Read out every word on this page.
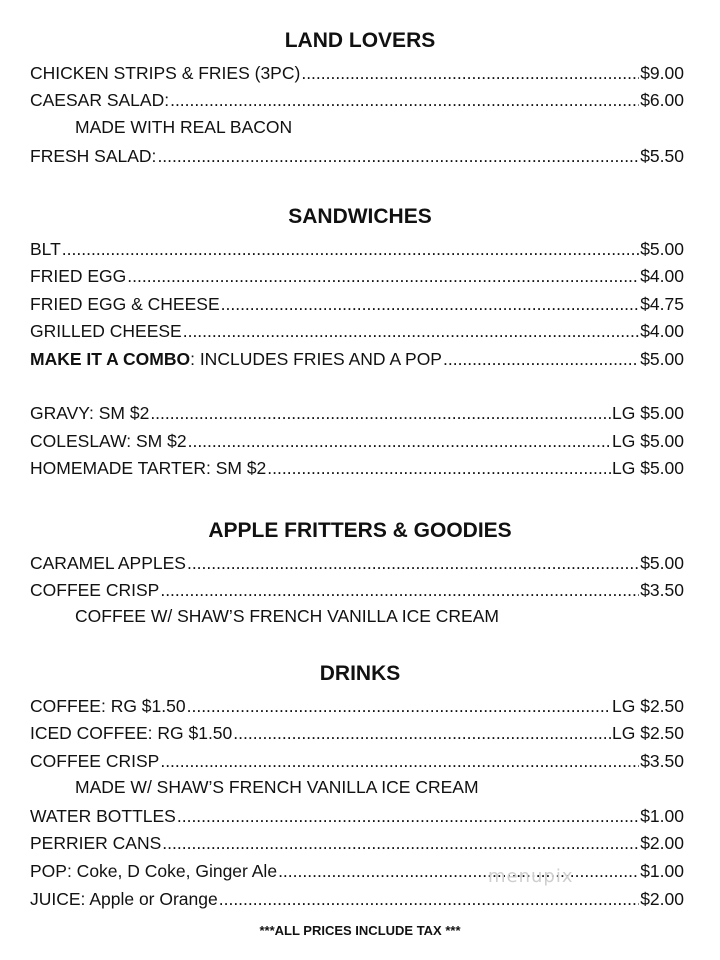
LAND LOVERS
CHICKEN STRIPS & FRIES (3PC) .....	$9.00
CAESAR SALAD: .....	$6.00
MADE WITH REAL BACON
FRESH SALAD: .....	$5.50
SANDWICHES
BLT .....	$5.00
FRIED EGG .....	$4.00
FRIED EGG & CHEESE .....	$4.75
GRILLED CHEESE .....	$4.00
MAKE IT A COMBO: INCLUDES FRIES AND A POP .....	$5.00
GRAVY: SM $2 .....	LG $5.00
COLESLAW: SM $2 .....	LG $5.00
HOMEMADE TARTER: SM $2 .....	LG $5.00
APPLE FRITTERS & GOODIES
CARAMEL APPLES .....	$5.00
COFFEE CRISP .....	$3.50
COFFEE W/ SHAW’S FRENCH VANILLA ICE CREAM
DRINKS
COFFEE: RG $1.50 .....	LG $2.50
ICED COFFEE: RG $1.50 .....	LG $2.50
COFFEE CRISP .....	$3.50
MADE W/ SHAW’S FRENCH VANILLA ICE CREAM
WATER BOTTLES .....	$1.00
PERRIER CANS .....	$2.00
POP: Coke, D Coke, Ginger Ale .....	$1.00
JUICE: Apple or Orange .....	$2.00
menupix
***ALL PRICES INCLUDE TAX ***
